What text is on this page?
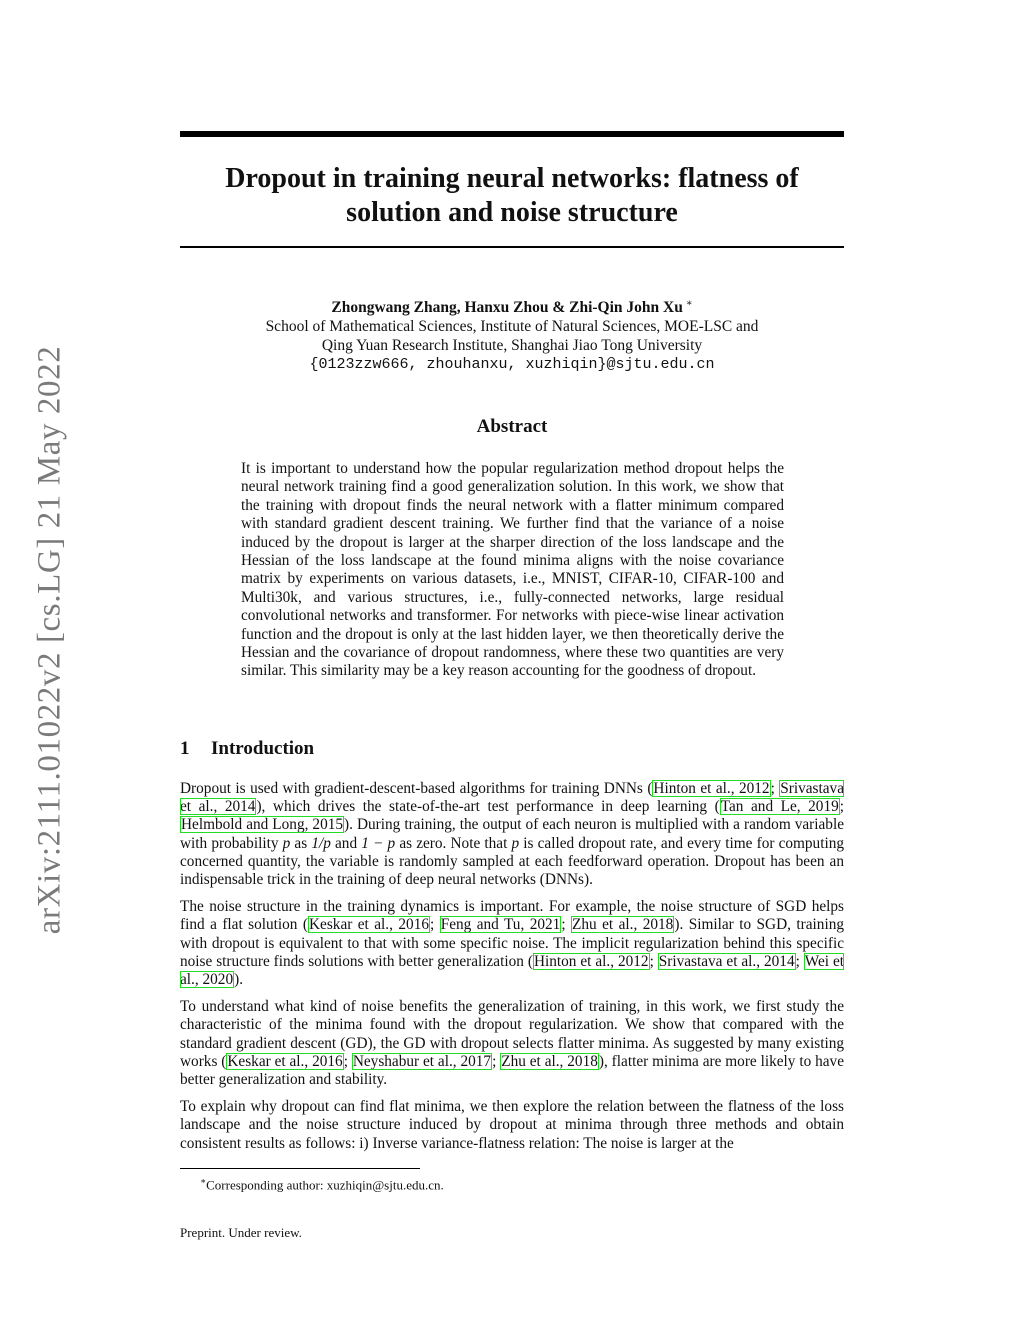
arXiv:2111.01022v2 [cs.LG] 21 May 2022
Dropout in training neural networks: flatness of
solution and noise structure
Zhongwang Zhang, Hanxu Zhou & Zhi-Qin John Xu ∗
School of Mathematical Sciences, Institute of Natural Sciences, MOE-LSC and
Qing Yuan Research Institute, Shanghai Jiao Tong University
{0123zzw666, zhouhanxu, xuzhiqin}@sjtu.edu.cn
Abstract
It is important to understand how the popular regularization method dropout helps the neural network training find a good generalization solution. In this work, we show that the training with dropout finds the neural network with a flatter minimum compared with standard gradient descent training. We further find that the variance of a noise induced by the dropout is larger at the sharper direction of the loss landscape and the Hessian of the loss landscape at the found minima aligns with the noise covariance matrix by experiments on various datasets, i.e., MNIST, CIFAR-10, CIFAR-100 and Multi30k, and various structures, i.e., fully-connected networks, large residual convolutional networks and transformer. For networks with piece-wise linear activation function and the dropout is only at the last hidden layer, we then theoretically derive the Hessian and the covariance of dropout randomness, where these two quantities are very similar. This similarity may be a key reason accounting for the goodness of dropout.
1 Introduction

Dropout is used with gradient-descent-based algorithms for training DNNs (Hinton et al., 2012; Srivastava et al., 2014), which drives the state-of-the-art test performance in deep learning (Tan and Le, 2019; Helmbold and Long, 2015). During training, the output of each neuron is multiplied with a random variable with probability p as 1/p and 1 − p as zero. Note that p is called dropout rate, and every time for computing concerned quantity, the variable is randomly sampled at each feedforward operation. Dropout has been an indispensable trick in the training of deep neural networks (DNNs).

The noise structure in the training dynamics is important. For example, the noise structure of SGD helps find a flat solution (Keskar et al., 2016; Feng and Tu, 2021; Zhu et al., 2018). Similar to SGD, training with dropout is equivalent to that with some specific noise. The implicit regularization behind this specific noise structure finds solutions with better generalization (Hinton et al., 2012; Srivastava et al., 2014; Wei et al., 2020).

To understand what kind of noise benefits the generalization of training, in this work, we first study the characteristic of the minima found with the dropout regularization. We show that compared with the standard gradient descent (GD), the GD with dropout selects flatter minima. As suggested by many existing works (Keskar et al., 2016; Neyshabur et al., 2017; Zhu et al., 2018), flatter minima are more likely to have better generalization and stability.

To explain why dropout can find flat minima, we then explore the relation between the flatness of the loss landscape and the noise structure induced by dropout at minima through three methods and obtain consistent results as follows: i) Inverse variance-flatness relation: The noise is larger at the

∗Corresponding author: xuzhiqin@sjtu.edu.cn.
Preprint. Under review.
